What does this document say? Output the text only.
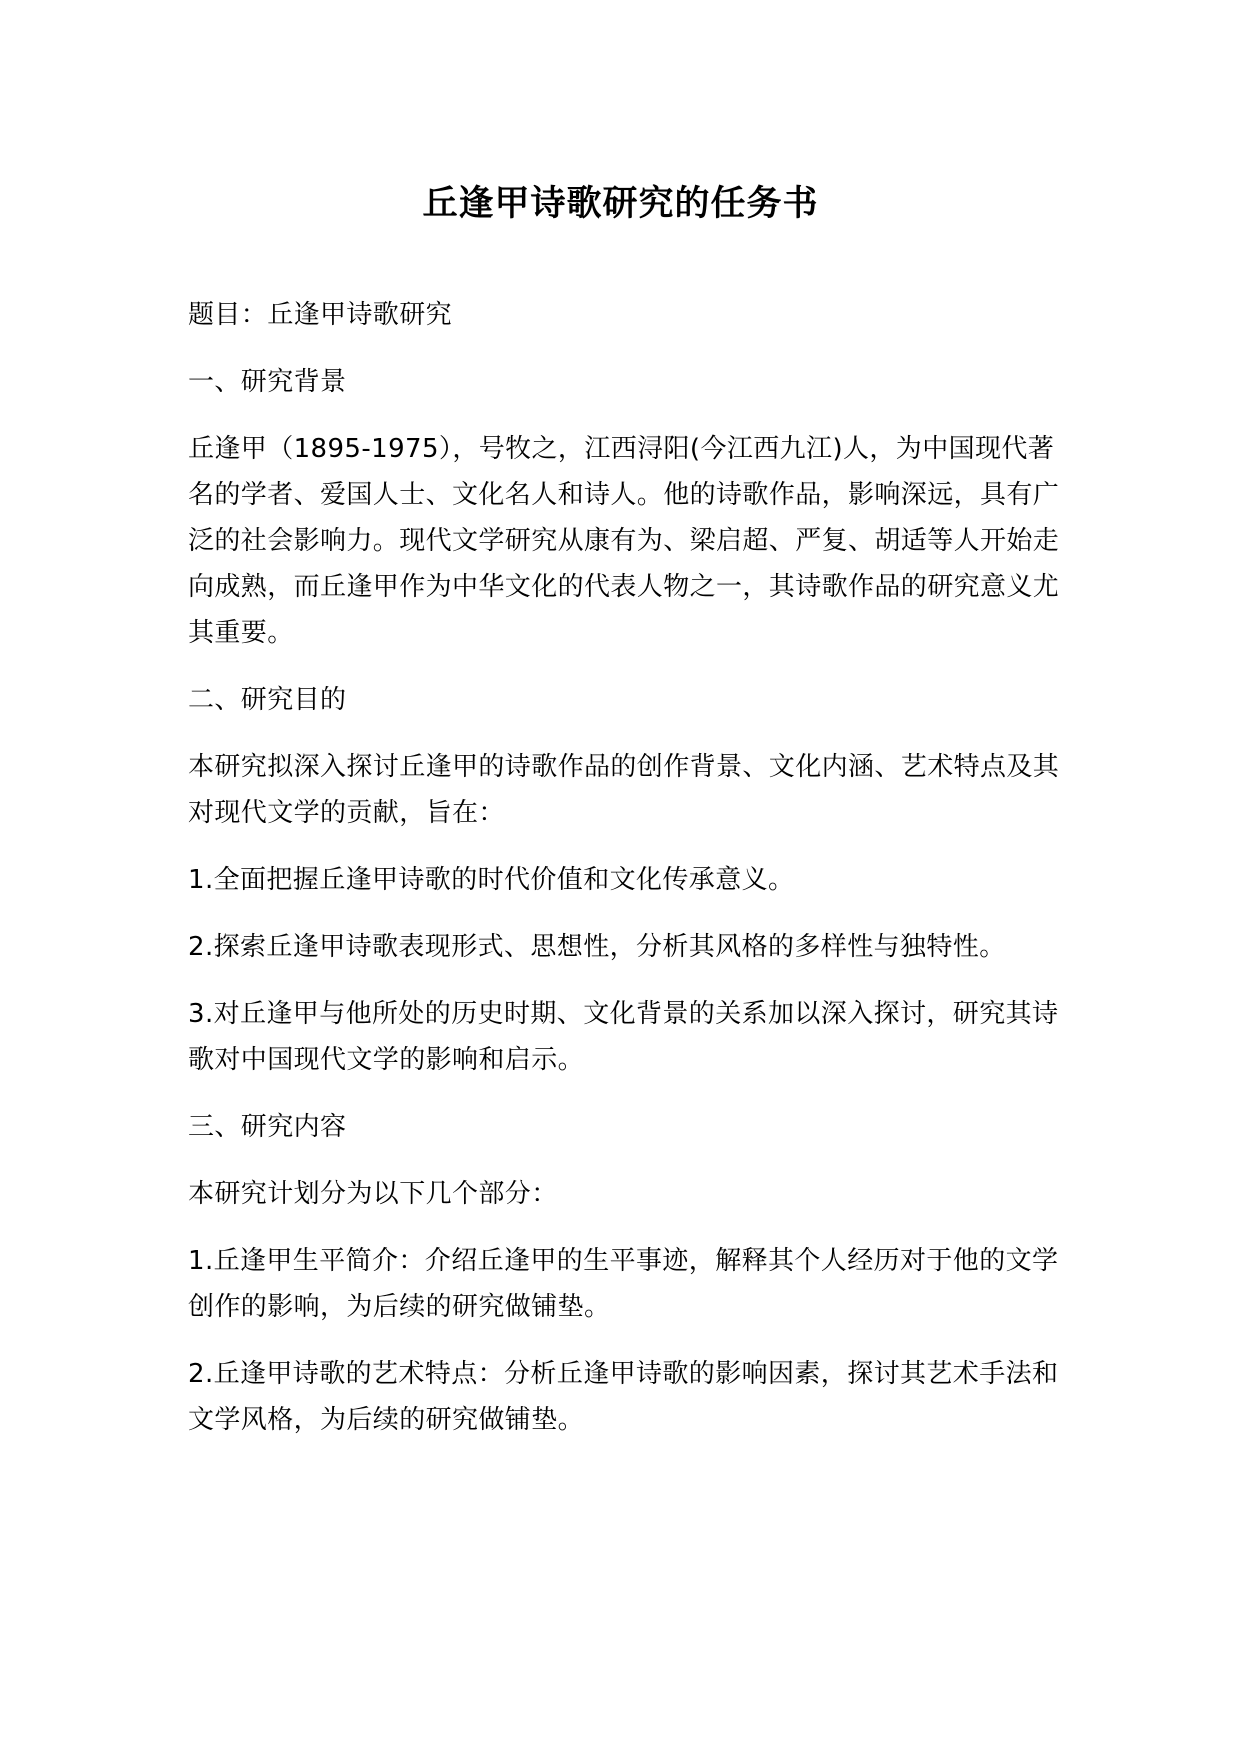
丘逢甲诗歌研究的任务书

题目：丘逢甲诗歌研究

一、研究背景

丘逢甲（1895-1975），号牧之，江西浔阳(今江西九江)人，为中国现代著名的学者、爱国人士、文化名人和诗人。他的诗歌作品，影响深远，具有广泛的社会影响力。现代文学研究从康有为、梁启超、严复、胡适等人开始走向成熟，而丘逢甲作为中华文化的代表人物之一，其诗歌作品的研究意义尤其重要。

二、研究目的

本研究拟深入探讨丘逢甲的诗歌作品的创作背景、文化内涵、艺术特点及其对现代文学的贡献，旨在：

1.全面把握丘逢甲诗歌的时代价值和文化传承意义。

2.探索丘逢甲诗歌表现形式、思想性，分析其风格的多样性与独特性。

3.对丘逢甲与他所处的历史时期、文化背景的关系加以深入探讨，研究其诗歌对中国现代文学的影响和启示。

三、研究内容

本研究计划分为以下几个部分：

1.丘逢甲生平简介：介绍丘逢甲的生平事迹，解释其个人经历对于他的文学创作的影响，为后续的研究做铺垫。

2.丘逢甲诗歌的艺术特点：分析丘逢甲诗歌的影响因素，探讨其艺术手法和文学风格，为后续的研究做铺垫。
